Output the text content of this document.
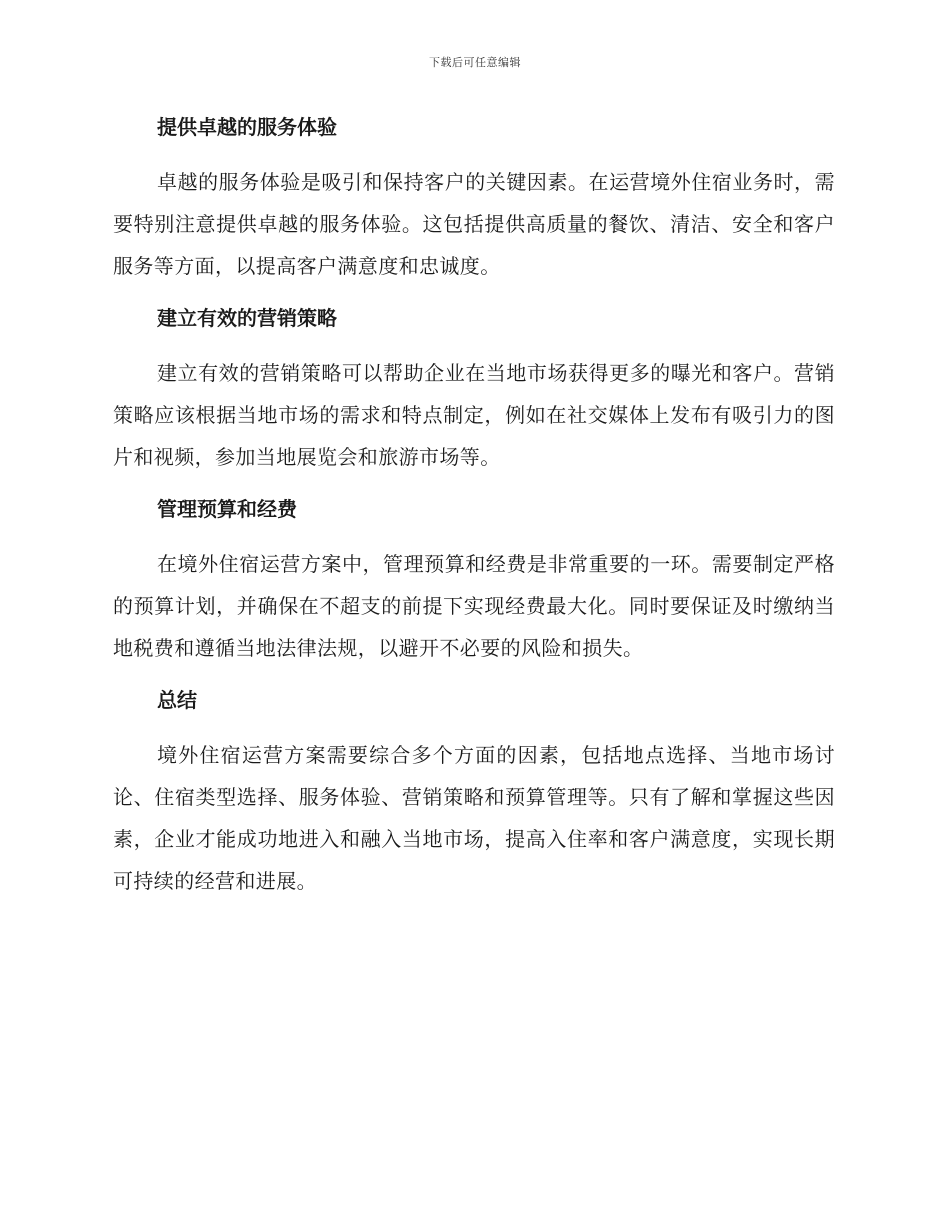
下载后可任意编辑
提供卓越的服务体验

卓越的服务体验是吸引和保持客户的关键因素。在运营境外住宿业务时，需要特别注意提供卓越的服务体验。这包括提供高质量的餐饮、清洁、安全和客户服务等方面，以提高客户满意度和忠诚度。

建立有效的营销策略

建立有效的营销策略可以帮助企业在当地市场获得更多的曝光和客户。营销策略应该根据当地市场的需求和特点制定，例如在社交媒体上发布有吸引力的图片和视频，参加当地展览会和旅游市场等。

管理预算和经费

在境外住宿运营方案中，管理预算和经费是非常重要的一环。需要制定严格的预算计划，并确保在不超支的前提下实现经费最大化。同时要保证及时缴纳当地税费和遵循当地法律法规，以避开不必要的风险和损失。

总结

境外住宿运营方案需要综合多个方面的因素，包括地点选择、当地市场讨论、住宿类型选择、服务体验、营销策略和预算管理等。只有了解和掌握这些因素，企业才能成功地进入和融入当地市场，提高入住率和客户满意度，实现长期可持续的经营和进展。
